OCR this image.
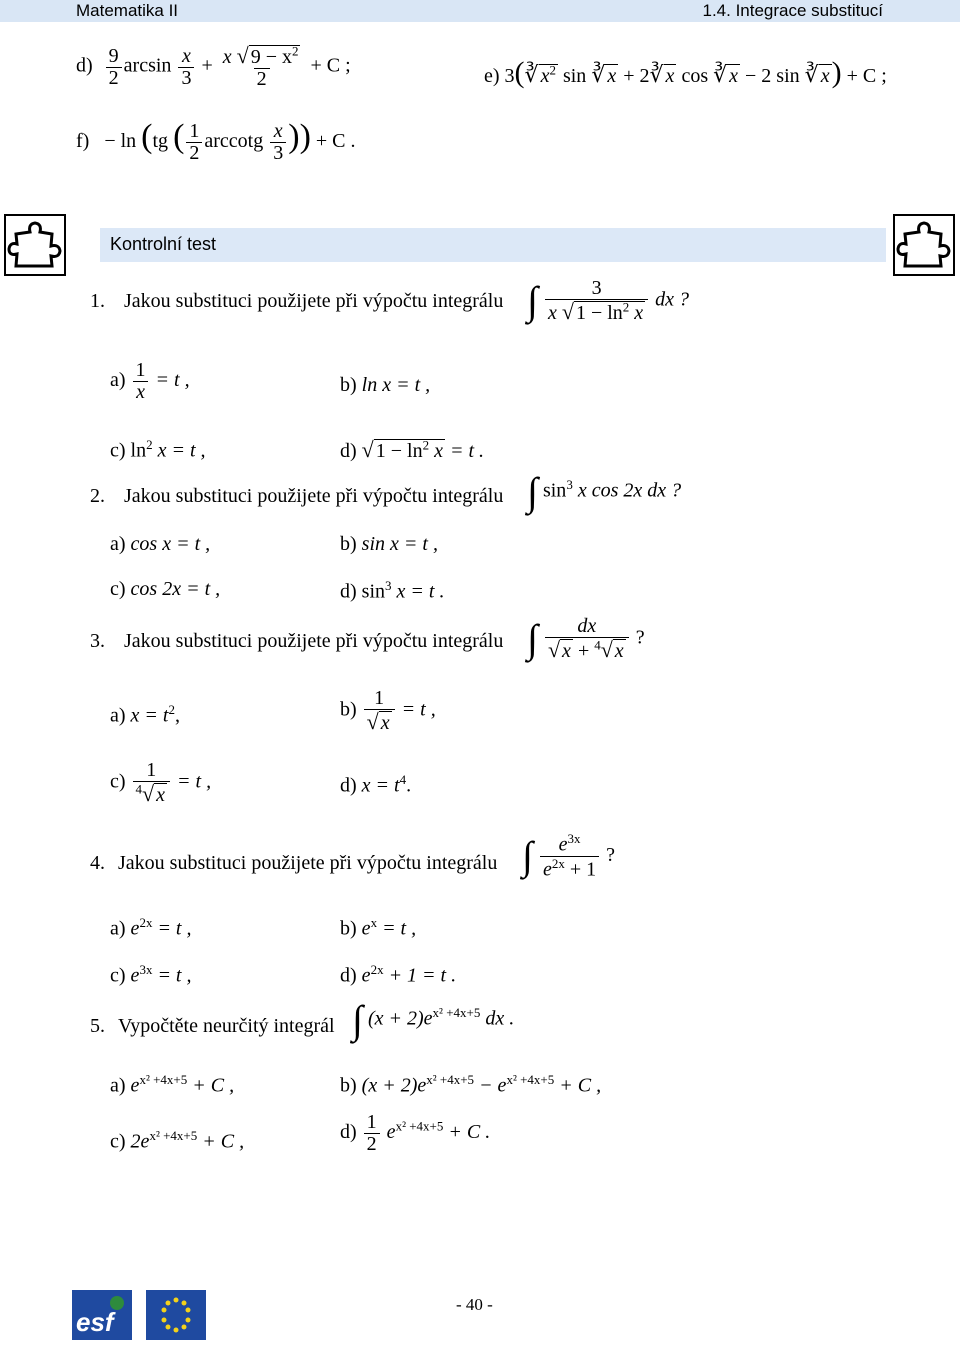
Matematika II	1.4. Integrace substitucí
$d) \frac{9}{2}$ $\arcsin \frac{x}{3} + \frac{x √ 9 - x^2}{2} + C$ ;	e) 3(∛ $x^2$ sin ∛ x + 2∛ x cos ∛ x − 2 sin ∛ x) + C ;
f) − ln (tg ( $\frac{1}{2}$ arccotg $\frac{x}{3}$ )) + C .
Kontrolní test
1. Jakou substituci použijete při výpočtu integrálu ∫ $\frac{3}{x √ 1 - \ln^2 x}$ dx ?
$a) \frac{1}{x} = t$ ,	b) ln x = t ,
c) $\ln^2 x = t$ ,	d) √ $1 - \ln^2 x = t$ .
2. Jakou substituci použijete při výpočtu integrálu ∫ $\sin^3 x$ cos 2x dx ?
a) cos x = t ,	b) sin x = t ,
c) cos 2x = t ,	d) $\sin^3 x = t$ .
3. Jakou substituci použijete při výpočtu integrálu ∫ $\frac{dx}{√ x + ^4√ x}$ ?
a) $x = t^2$,	$b) \frac{1}{√ x} = t$ ,
$c) \frac{1}{^4√ x} = t$ ,	d) $x = t^4$.
4. Jakou substituci použijete při výpočtu integrálu ∫ $\frac{e^{3x}}{e^{2x} + 1}$ ?
a) $e^{2x} = t$ ,	b) $e^x = t$ ,
c) $e^{3x} = t$ ,	d) $e^{2x} + 1 = t$ .
5. Vypočtěte neurčitý integrál ∫ $(x + 2)e^{x^2 +4x+5}$ dx .
a) $e^{x^2 +4x+5} + C$ ,	b) $(x + 2)e^{x^2 +4x+5} - e^{x^2 +4x+5} + C$ ,
c) $2e^{x^2 +4x+5} + C$ ,	$d) \frac{1}{2} e^{x^2 +4x+5} + C$ .
esf
- 40 -
